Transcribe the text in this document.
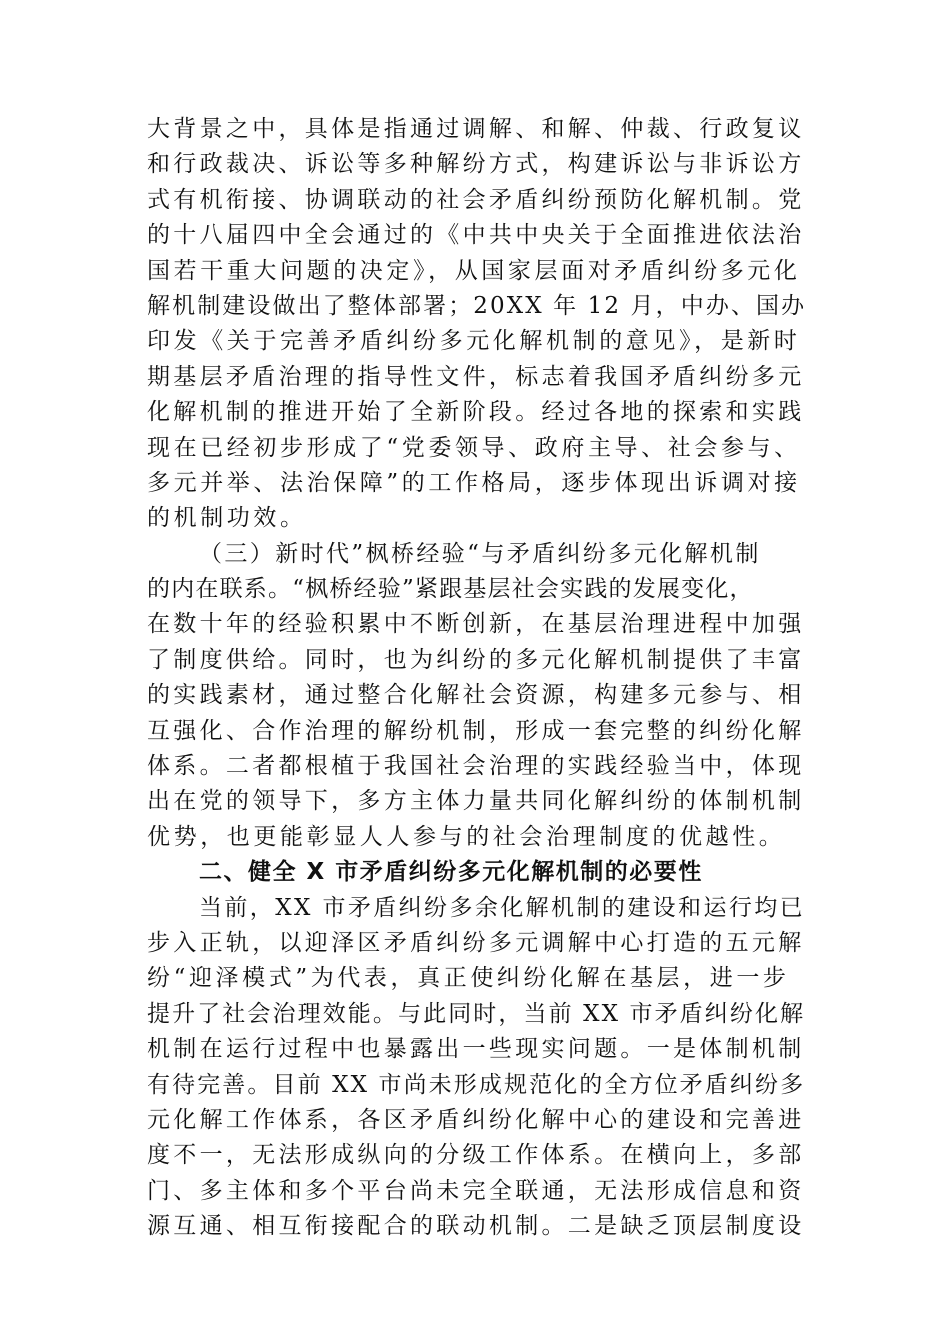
大背景之中，具体是指通过调解、和解、仲裁、行政复议
和行政裁决、诉讼等多种解纷方式，构建诉讼与非诉讼方
式有机衔接、协调联动的社会矛盾纠纷预防化解机制。党
的十八届四中全会通过的《中共中央关于全面推进依法治
国若干重大问题的决定》，从国家层面对矛盾纠纷多元化
解机制建设做出了整体部署；20XX 年 12 月，中办、国办
印发《关于完善矛盾纠纷多元化解机制的意见》，是新时
期基层矛盾治理的指导性文件，标志着我国矛盾纠纷多元
化解机制的推进开始了全新阶段。经过各地的探索和实践
现在已经初步形成了“党委领导、政府主导、社会参与、
多元并举、法治保障”的工作格局，逐步体现出诉调对接
的机制功效。
（三）新时代”枫桥经验“与矛盾纠纷多元化解机制
的内在联系。“枫桥经验”紧跟基层社会实践的发展变化，
在数十年的经验积累中不断创新，在基层治理进程中加强
了制度供给。同时，也为纠纷的多元化解机制提供了丰富
的实践素材，通过整合化解社会资源，构建多元参与、相
互强化、合作治理的解纷机制，形成一套完整的纠纷化解
体系。二者都根植于我国社会治理的实践经验当中，体现
出在党的领导下，多方主体力量共同化解纠纷的体制机制
优势，也更能彰显人人参与的社会治理制度的优越性。
二、健全 X 市矛盾纠纷多元化解机制的必要性
当前，XX 市矛盾纠纷多余化解机制的建设和运行均已
步入正轨，以迎泽区矛盾纠纷多元调解中心打造的五元解
纷“迎泽模式”为代表，真正使纠纷化解在基层，进一步
提升了社会治理效能。与此同时，当前 XX 市矛盾纠纷化解
机制在运行过程中也暴露出一些现实问题。一是体制机制
有待完善。目前 XX 市尚未形成规范化的全方位矛盾纠纷多
元化解工作体系，各区矛盾纠纷化解中心的建设和完善进
度不一，无法形成纵向的分级工作体系。在横向上，多部
门、多主体和多个平台尚未完全联通，无法形成信息和资
源互通、相互衔接配合的联动机制。二是缺乏顶层制度设
